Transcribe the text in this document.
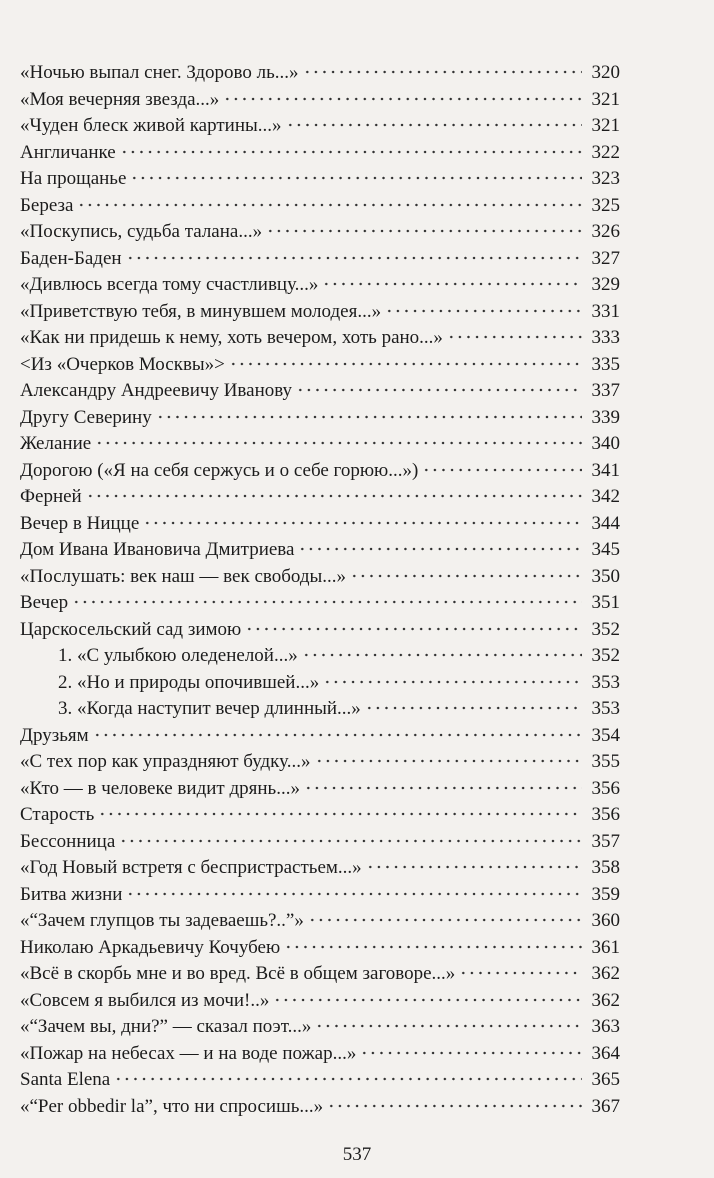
«Ночью выпал снег. Здорово ль...»	320
«Моя вечерняя звезда...»	321
«Чуден блеск живой картины...»	321
Англичанке	322
На прощанье	323
Береза	325
«Поскупись, судьба талана...»	326
Баден-Баден	327
«Дивлюсь всегда тому счастливцу...»	329
«Приветствую тебя, в минувшем молодея...»	331
«Как ни придешь к нему, хоть вечером, хоть рано...»	333
<Из «Очерков Москвы»>	335
Александру Андреевичу Иванову	337
Другу Северину	339
Желание	340
Дорогою («Я на себя сержусь и о себе горюю...»)	341
Ферней	342
Вечер в Ницце	344
Дом Ивана Ивановича Дмитриева	345
«Послушать: век наш — век свободы...»	350
Вечер	351
Царскосельский сад зимою	352
1. «С улыбкою оледенелой...»	352
2. «Но и природы опочившей...»	353
3. «Когда наступит вечер длинный...»	353
Друзьям	354
«С тех пор как упраздняют будку...»	355
«Кто — в человеке видит дрянь...»	356
Старость	356
Бессонница	357
«Год Новый встретя с беспристрастьем...»	358
Битва жизни	359
«“Зачем глупцов ты задеваешь?..”»	360
Николаю Аркадьевичу Кочубею	361
«Всё в скорбь мне и во вред. Всё в общем заговоре...»	362
«Совсем я выбился из мочи!..»	362
«“Зачем вы, дни?” — сказал поэт...»	363
«Пожар на небесах — и на воде пожар...»	364
Santa Elena	365
«“Per obbedir la”, что ни спросишь...»	367
537
